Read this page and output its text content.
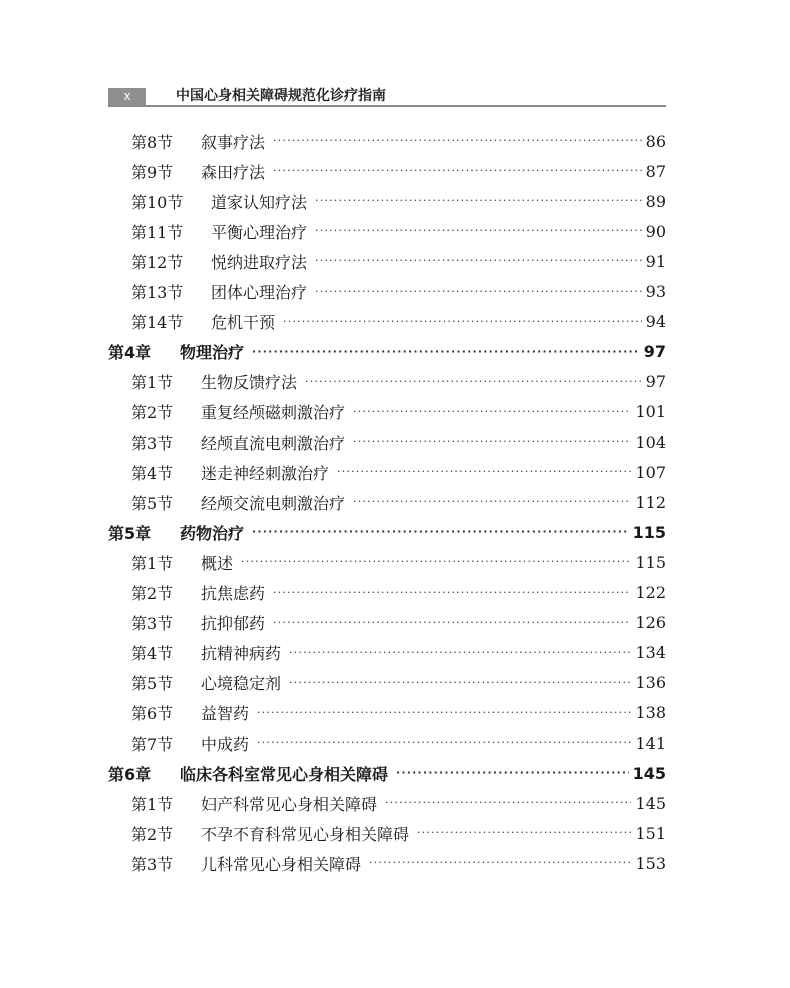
x	中国心身相关障碍规范化诊疗指南
第8节	叙事疗法 ·····	86
第9节	森田疗法 ·····	87
第10节	道家认知疗法 ·····	89
第11节	平衡心理治疗 ·····	90
第12节	悦纳进取疗法 ·····	91
第13节	团体心理治疗 ·····	93
第14节	危机干预 ·····	94
第4章	物理治疗 ·····	97
第1节	生物反馈疗法 ·····	97
第2节	重复经颅磁刺激治疗 ·····	101
第3节	经颅直流电刺激治疗 ·····	104
第4节	迷走神经刺激治疗 ·····	107
第5节	经颅交流电刺激治疗 ·····	112
第5章	药物治疗 ·····	115
第1节	概述 ·····	115
第2节	抗焦虑药 ·····	122
第3节	抗抑郁药 ·····	126
第4节	抗精神病药 ·····	134
第5节	心境稳定剂 ·····	136
第6节	益智药 ·····	138
第7节	中成药 ·····	141
第6章	临床各科室常见心身相关障碍 ·····	145
第1节	妇产科常见心身相关障碍 ·····	145
第2节	不孕不育科常见心身相关障碍 ·····	151
第3节	儿科常见心身相关障碍 ·····	153
